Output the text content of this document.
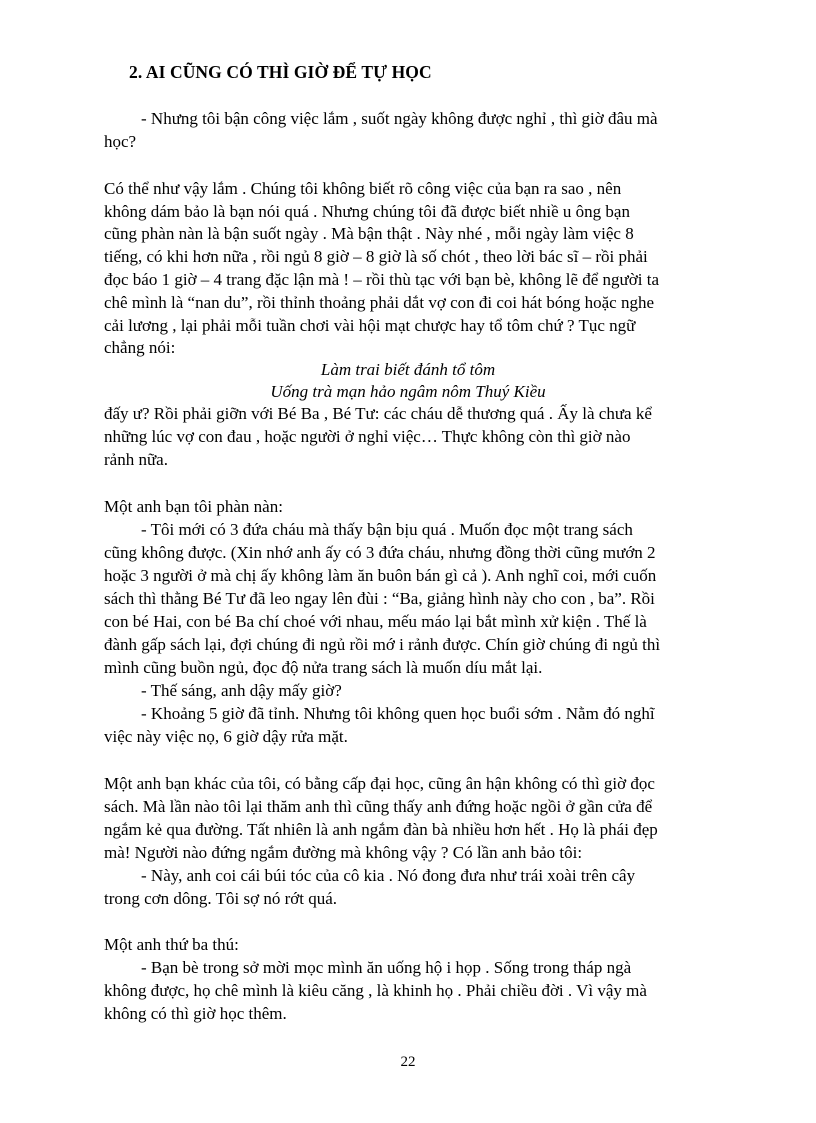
2. AI CŨNG CÓ THÌ GIỜ ĐỂ TỰ HỌC
- Nhưng tôi bận công việc lắm , suốt ngày không được nghỉ , thì giờ đâu mà
học?
Có thể như vậy lắm . Chúng tôi không biết rõ công việc của bạn ra sao , nên
không dám bảo là bạn nói quá . Nhưng chúng tôi đã được biết nhiề u ông bạn
cũng phàn nàn là bận suốt ngày . Mà bận thật . Này nhé , mỗi ngày làm việc 8
tiếng, có khi hơn nữa , rồi ngủ 8 giờ – 8 giờ là số chót , theo lời bác sĩ – rồi phải
đọc báo 1 giờ – 4 trang đặc lận mà ! – rồi thù tạc với bạn bè, không lẽ để người ta
chê mình là “nan du”, rồi thỉnh thoảng phải dắt vợ con đi coi hát bóng hoặc nghe
cải lương , lại phải mỗi tuần chơi vài hội mạt chược hay tổ tôm chứ ? Tục ngữ
chẳng nói:
Làm trai biết đánh tổ tôm
Uống trà mạn hảo ngâm nôm Thuý Kiều
đấy ư? Rồi phải giỡn với Bé Ba , Bé Tư: các cháu dễ thương quá . Ấy là chưa kể
những lúc vợ con đau , hoặc người ở nghỉ việc… Thực không còn thì giờ nào
rảnh nữa.
Một anh bạn tôi phàn nàn:
- Tôi mới có 3 đứa cháu mà thấy bận bịu quá . Muốn đọc một trang sách
cũng không được. (Xin nhớ anh ấy có 3 đứa cháu, nhưng đồng thời cũng mướn 2
hoặc 3 người ở mà chị ấy không làm ăn buôn bán gì cả ). Anh nghĩ coi, mới cuốn
sách thì thằng Bé Tư đã leo ngay lên đùi : “Ba, giảng hình này cho con , ba”. Rồi
con bé Hai, con bé Ba chí choé với nhau, mếu máo lại bắt mình xử kiện . Thế là
đành gấp sách lại, đợi chúng đi ngủ rồi mớ i rảnh được. Chín giờ chúng đi ngủ thì
mình cũng buồn ngủ, đọc độ nửa trang sách là muốn díu mắt lại.
- Thế sáng, anh dậy mấy giờ?
- Khoảng 5 giờ đã tỉnh. Nhưng tôi không quen học buổi sớm . Nằm đó nghĩ
việc này việc nọ, 6 giờ dậy rửa mặt.
Một anh bạn khác của tôi, có bằng cấp đại học, cũng ân hận không có thì giờ đọc
sách. Mà lần nào tôi lại thăm anh thì cũng thấy anh đứng hoặc ngồi ở gần cửa để
ngắm kẻ qua đường. Tất nhiên là anh ngắm đàn bà nhiều hơn hết . Họ là phái đẹp
mà! Người nào đứng ngắm đường mà không vậy ? Có lần anh bảo tôi:
- Này, anh coi cái búi tóc của cô kia . Nó đong đưa như trái xoài trên cây
trong cơn dông. Tôi sợ nó rớt quá.
Một anh thứ ba thú:
- Bạn bè trong sở mời mọc mình ăn uống hộ i họp . Sống trong tháp ngà
không được, họ chê mình là kiêu căng , là khinh họ . Phải chiều đời . Vì vậy mà
không có thì giờ học thêm.
22
